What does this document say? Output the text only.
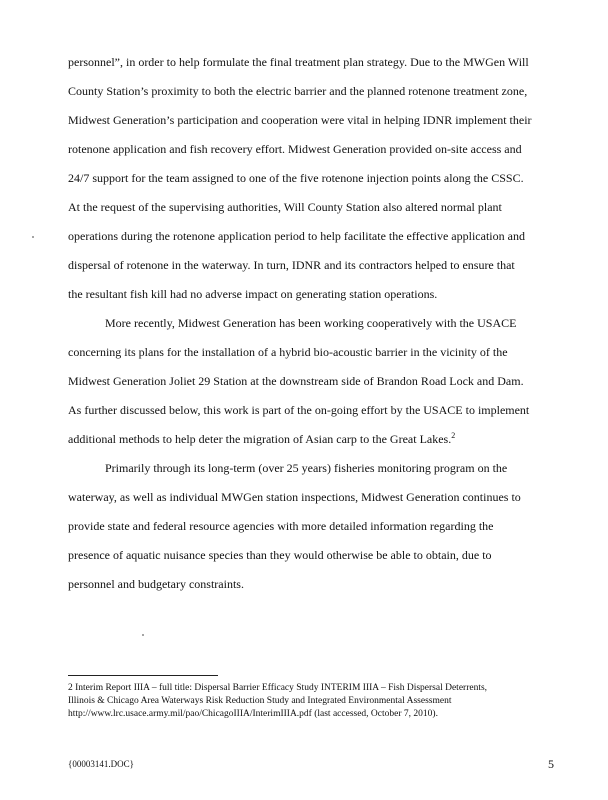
personnel”, in order to help formulate the final treatment plan strategy. Due to the MWGen Will
County Station’s proximity to both the electric barrier and the planned rotenone treatment zone,
Midwest Generation’s participation and cooperation were vital in helping IDNR implement their
rotenone application and fish recovery effort. Midwest Generation provided on-site access and
24/7 support for the team assigned to one of the five rotenone injection points along the CSSC.
At the request of the supervising authorities, Will County Station also altered normal plant
operations during the rotenone application period to help facilitate the effective application and
dispersal of rotenone in the waterway. In turn, IDNR and its contractors helped to ensure that
the resultant fish kill had no adverse impact on generating station operations.
More recently, Midwest Generation has been working cooperatively with the USACE
concerning its plans for the installation of a hybrid bio-acoustic barrier in the vicinity of the
Midwest Generation Joliet 29 Station at the downstream side of Brandon Road Lock and Dam.
As further discussed below, this work is part of the on-going effort by the USACE to implement
additional methods to help deter the migration of Asian carp to the Great Lakes.$^2$
Primarily through its long-term (over 25 years) fisheries monitoring program on the
waterway, as well as individual MWGen station inspections, Midwest Generation continues to
provide state and federal resource agencies with more detailed information regarding the
presence of aquatic nuisance species than they would otherwise be able to obtain, due to
personnel and budgetary constraints.
2 Interim Report IIIA – full title: Dispersal Barrier Efficacy Study INTERIM IIIA – Fish Dispersal Deterrents,
Illinois & Chicago Area Waterways Risk Reduction Study and Integrated Environmental Assessment
http://www.lrc.usace.army.mil/pao/ChicagoIIIA/InterimIIIA.pdf (last accessed, October 7, 2010).
{00003141.DOC}	5
